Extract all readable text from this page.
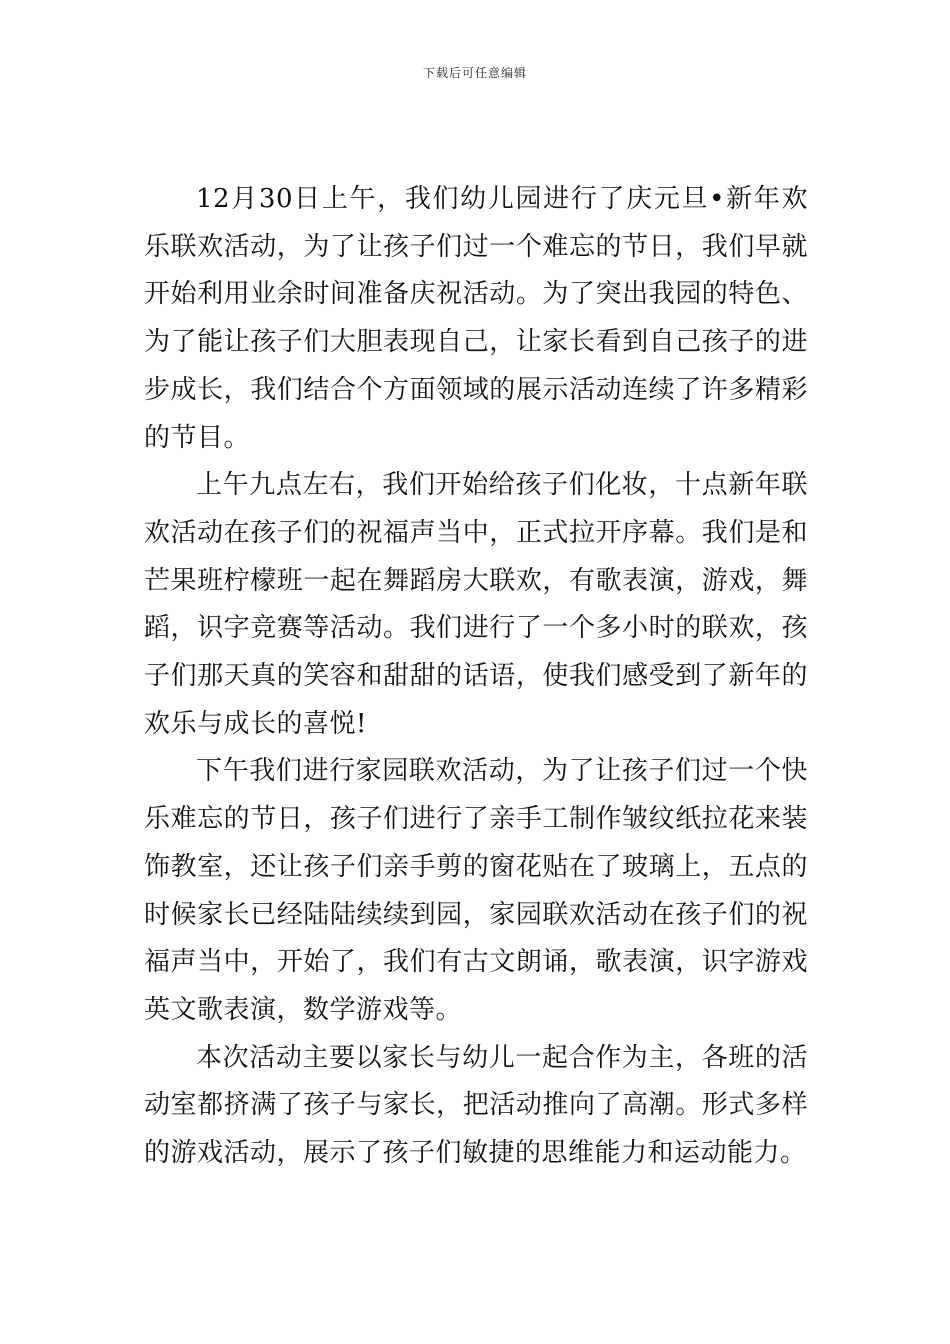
下载后可任意编辑

12月30日上午，我们幼儿园进行了庆元旦•新年欢乐联欢活动，为了让孩子们过一个难忘的节日，我们早就开始利用业余时间准备庆祝活动。为了突出我园的特色、为了能让孩子们大胆表现自己，让家长看到自己孩子的进步成长，我们结合个方面领域的展示活动连续了许多精彩的节目。

上午九点左右，我们开始给孩子们化妆，十点新年联欢活动在孩子们的祝福声当中，正式拉开序幕。我们是和芒果班柠檬班一起在舞蹈房大联欢，有歌表演，游戏，舞蹈，识字竞赛等活动。我们进行了一个多小时的联欢，孩子们那天真的笑容和甜甜的话语，使我们感受到了新年的欢乐与成长的喜悦!

下午我们进行家园联欢活动，为了让孩子们过一个快乐难忘的节日，孩子们进行了亲手工制作皱纹纸拉花来装饰教室，还让孩子们亲手剪的窗花贴在了玻璃上，五点的时候家长已经陆陆续续到园，家园联欢活动在孩子们的祝福声当中，开始了，我们有古文朗诵，歌表演，识字游戏英文歌表演，数学游戏等。

本次活动主要以家长与幼儿一起合作为主，各班的活动室都挤满了孩子与家长，把活动推向了高潮。形式多样的游戏活动，展示了孩子们敏捷的思维能力和运动能力。
